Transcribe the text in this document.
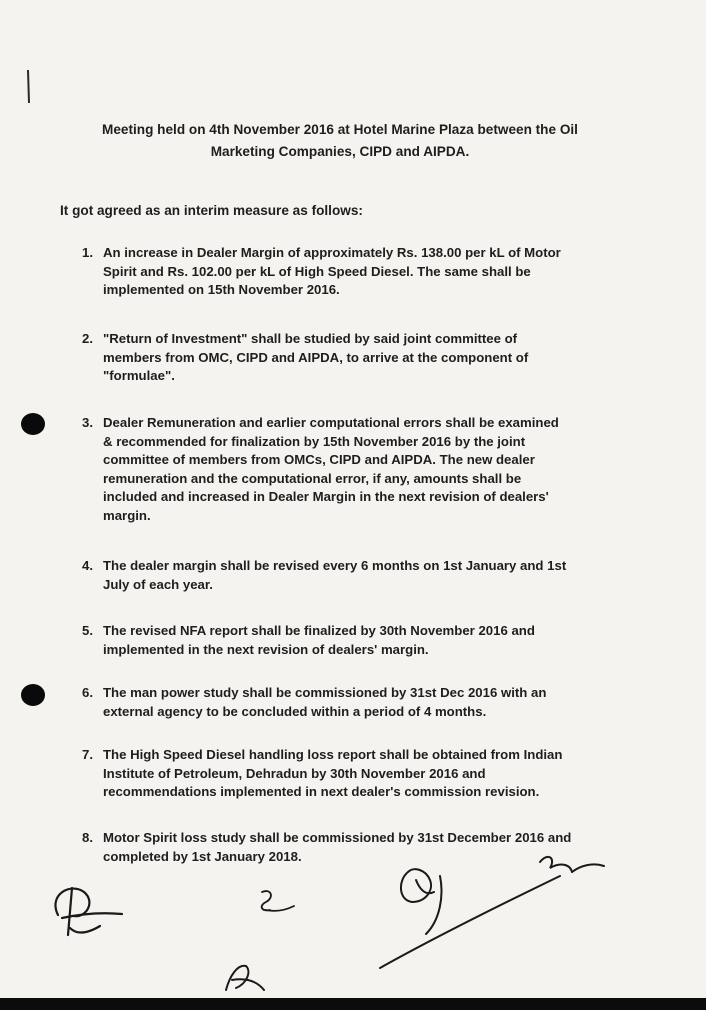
Meeting held on 4th November 2016 at Hotel Marine Plaza between the Oil
Marketing Companies, CIPD and AIPDA.
It got agreed as an interim measure as follows:
1. An increase in Dealer Margin of approximately Rs. 138.00 per kL of Motor
Spirit and Rs. 102.00 per kL of High Speed Diesel. The same shall be
implemented on 15th November 2016.
2. "Return of Investment" shall be studied by said joint committee of
members from OMC, CIPD and AIPDA, to arrive at the component of
"formulae".
3. Dealer Remuneration and earlier computational errors shall be examined
& recommended for finalization by 15th November 2016 by the joint
committee of members from OMCs, CIPD and AIPDA. The new dealer
remuneration and the computational error, if any, amounts shall be
included and increased in Dealer Margin in the next revision of dealers'
margin.
4. The dealer margin shall be revised every 6 months on 1st January and 1st
July of each year.
5. The revised NFA report shall be finalized by 30th November 2016 and
implemented in the next revision of dealers' margin.
6. The man power study shall be commissioned by 31st Dec 2016 with an
external agency to be concluded within a period of 4 months.
7. The High Speed Diesel handling loss report shall be obtained from Indian
Institute of Petroleum, Dehradun by 30th November 2016 and
recommendations implemented in next dealer's commission revision.
8. Motor Spirit loss study shall be commissioned by 31st December 2016 and
completed by 1st January 2018.
